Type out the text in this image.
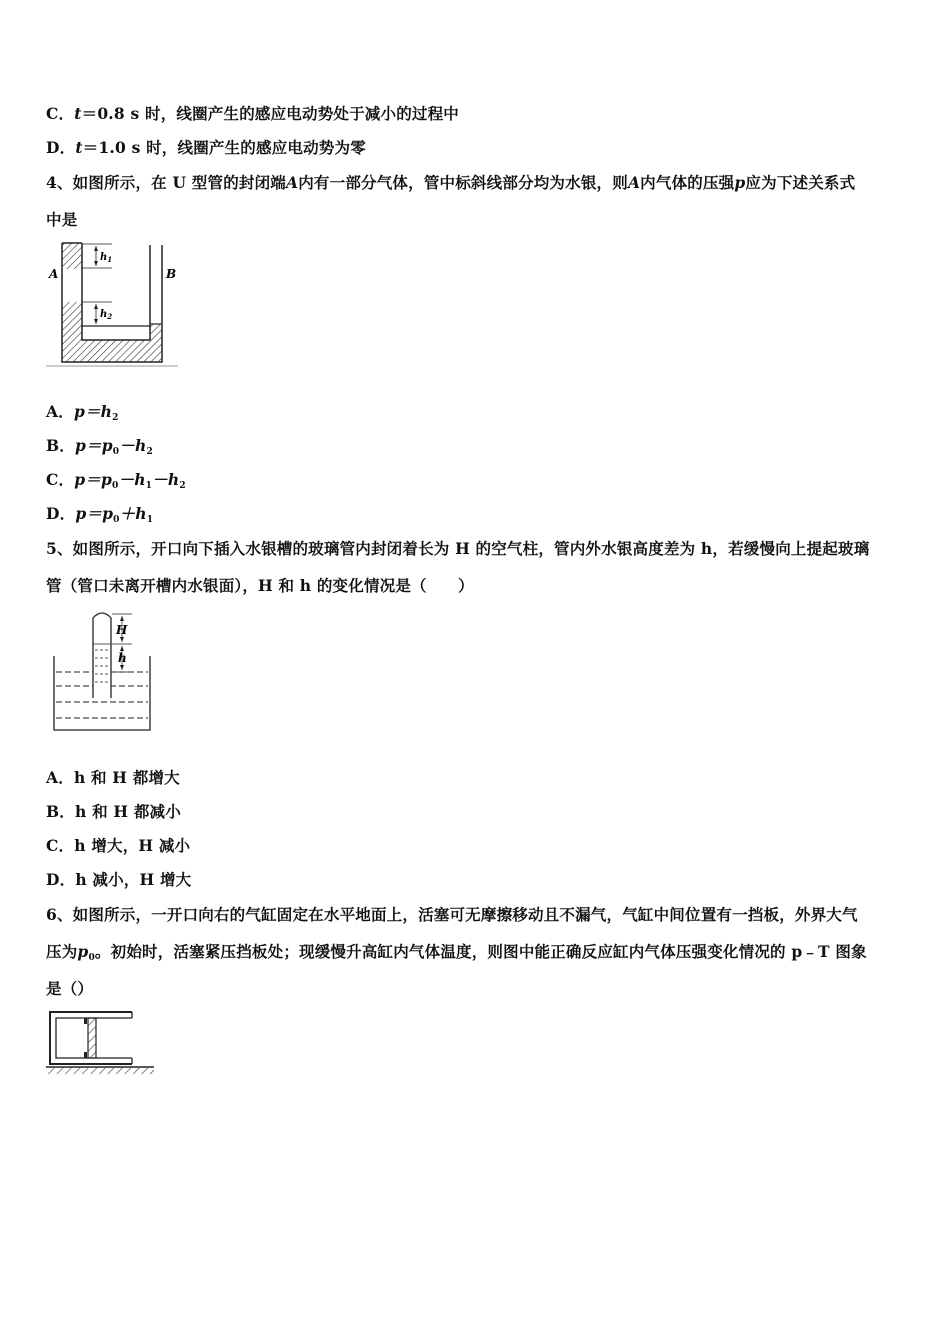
C．t＝0.8 s 时，线圈产生的感应电动势处于减小的过程中
D．t＝1.0 s 时，线圈产生的感应电动势为零
4、如图所示，在 U 型管的封闭端A内有一部分气体，管中标斜线部分均为水银，则A内气体的压强p应为下述关系式
中是
A	B
$h_1$
$h_2$
A．$p=h_2$
B．$p=p_0-h_2$
C．$p=p_0-h_1-h_2$
D．$p=p_0+h_1$
5、如图所示，开口向下插入水银槽的玻璃管内封闭着长为 H 的空气柱，管内外水银高度差为 h，若缓慢向上提起玻璃
管（管口未离开槽内水银面），H 和 h 的变化情况是（　　）
H
h
A．h 和 H 都增大
B．h 和 H 都减小
C．h 增大，H 减小
D．h 减小，H 增大
6、如图所示，一开口向右的气缸固定在水平地面上，活塞可无摩擦移动且不漏气，气缸中间位置有一挡板，外界大气
压为$p_0$。初始时，活塞紧压挡板处；现缓慢升高缸内气体温度，则图中能正确反应缸内气体压强变化情况的 p﹣T 图象
是（）
